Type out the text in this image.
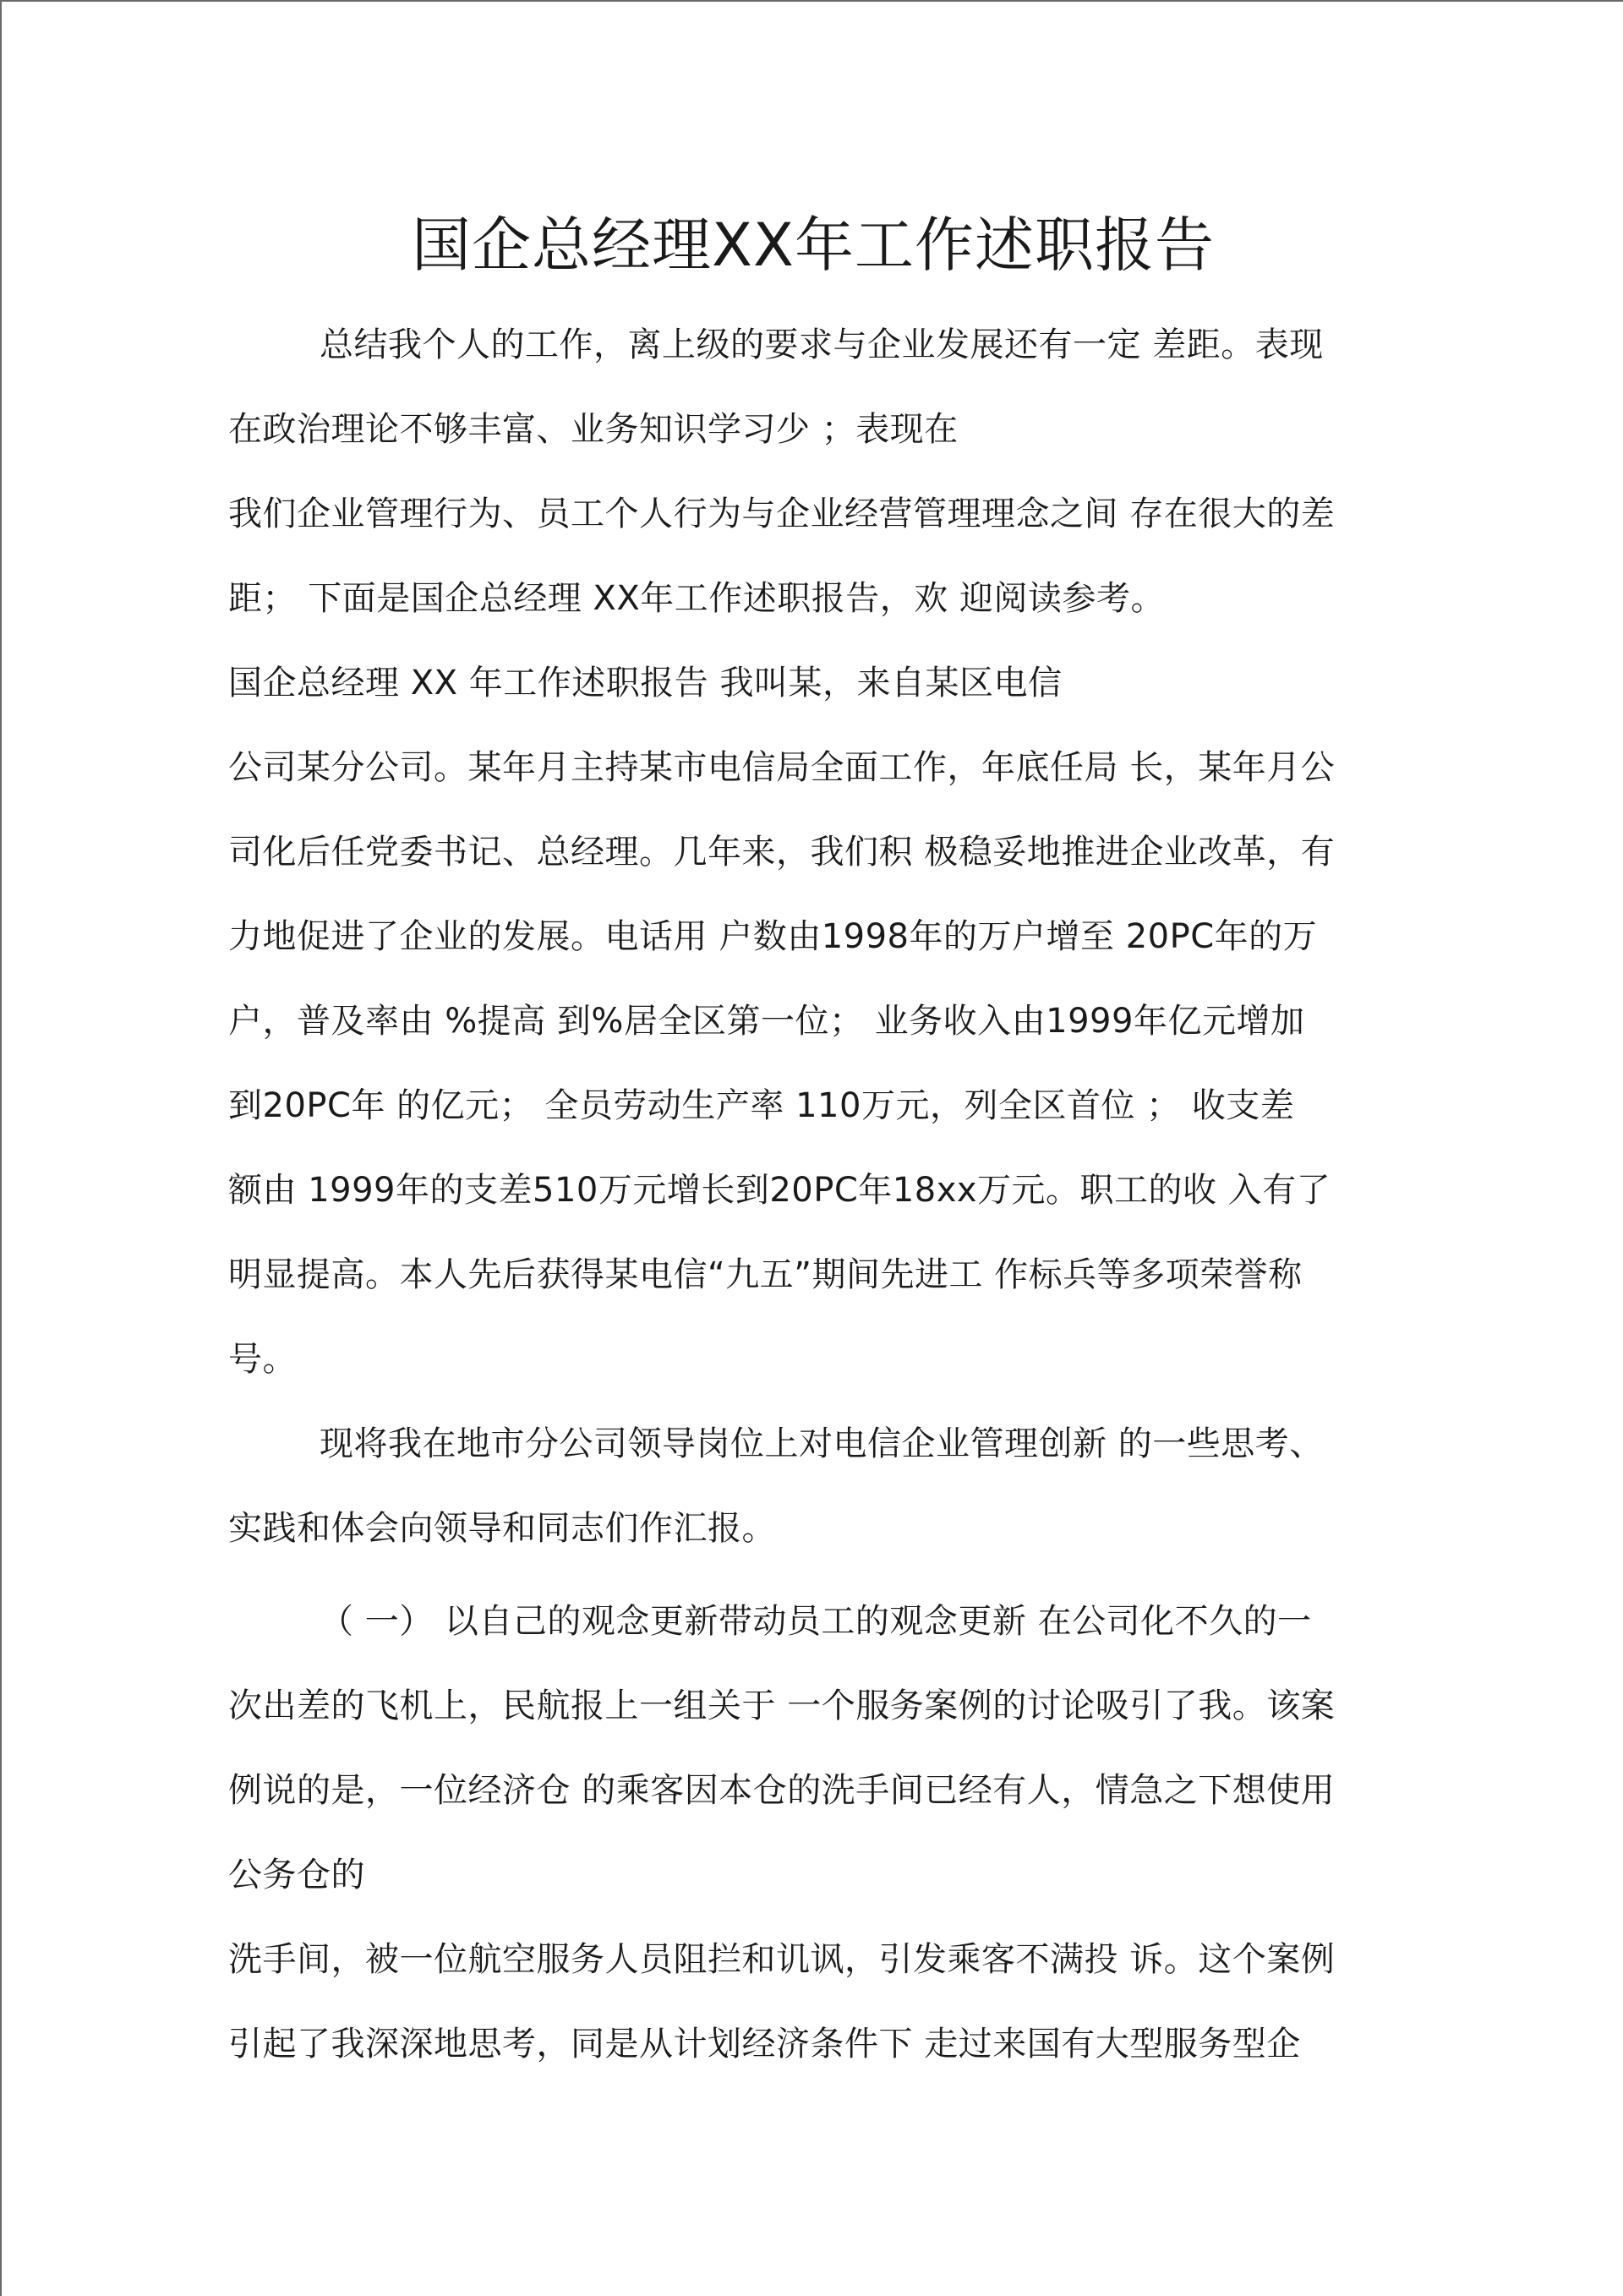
国企总经理XX年工作述职报告
总结我个人的工作，离上级的要求与企业发展还有一定 差距。表现
在政治理论不够丰富、业务知识学习少 ；表现在
我们企业管理行为、员工个人行为与企业经营管理理念之间 存在很大的差
距； 下面是国企总经理 XX年工作述职报告，欢 迎阅读参考。
国企总经理 XX 年工作述职报告 我叫某，来自某区电信
公司某分公司。某年月主持某市电信局全面工作，年底任局 长，某年月公
司化后任党委书记、总经理。几年来，我们积 极稳妥地推进企业改革，有
力地促进了企业的发展。电话用 户数由1998年的万户增至 20PC年的万
户，普及率由 %提高 到%居全区第一位； 业务收入由1999年亿元增加
到20PC年 的亿元； 全员劳动生产率 110万元，列全区首位 ； 收支差
额由 1999年的支差510万元增长到20PC年18xx万元。职工的收 入有了
明显提高。本人先后获得某电信“九五”期间先进工 作标兵等多项荣誉称
号。
现将我在地市分公司领导岗位上对电信企业管理创新 的一些思考、
实践和体会向领导和同志们作汇报。
（ 一） 以自己的观念更新带动员工的观念更新 在公司化不久的一
次出差的飞机上，民航报上一组关于 一个服务案例的讨论吸引了我。该案
例说的是，一位经济仓 的乘客因本仓的洗手间已经有人，情急之下想使用
公务仓的
洗手间，被一位航空服务人员阻拦和讥讽，引发乘客不满投 诉。这个案例
引起了我深深地思考，同是从计划经济条件下 走过来国有大型服务型企
